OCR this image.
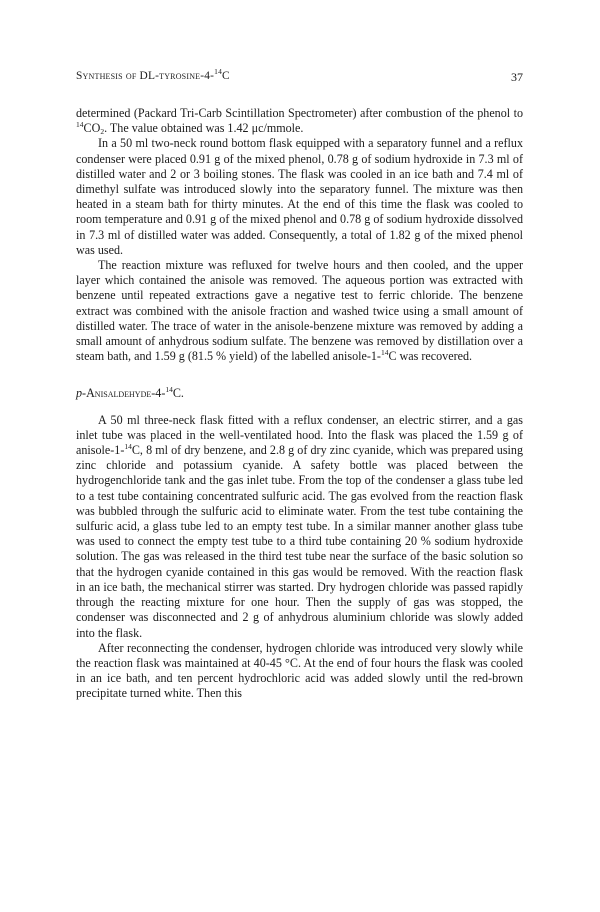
Synthesis of DL-tyrosine-4-$^{14}$C	37

determined (Packard Tri-Carb Scintillation Spectrometer) after combustion of the phenol to $^{14}CO_2$. The value obtained was 1.42 μc/mmole.

In a 50 ml two-neck round bottom flask equipped with a separatory funnel and a reflux condenser were placed 0.91 g of the mixed phenol, 0.78 g of sodium hydroxide in 7.3 ml of distilled water and 2 or 3 boiling stones. The flask was cooled in an ice bath and 7.4 ml of dimethyl sulfate was introduced slowly into the separatory funnel. The mixture was then heated in a steam bath for thirty minutes. At the end of this time the flask was cooled to room temperature and 0.91 g of the mixed phenol and 0.78 g of sodium hydroxide dissolved in 7.3 ml of distilled water was added. Consequently, a total of 1.82 g of the mixed phenol was used.

The reaction mixture was refluxed for twelve hours and then cooled, and the upper layer which contained the anisole was removed. The aqueous portion was extracted with benzene until repeated extractions gave a negative test to ferric chloride. The benzene extract was combined with the anisole fraction and washed twice using a small amount of distilled water. The trace of water in the anisole-benzene mixture was removed by adding a small amount of anhydrous sodium sulfate. The benzene was removed by distillation over a steam bath, and 1.59 g (81.5 % yield) of the labelled anisole-1-$^{14}$C was recovered.

p-Anisaldehyde-4-$^{14}$C.

A 50 ml three-neck flask fitted with a reflux condenser, an electric stirrer, and a gas inlet tube was placed in the well-ventilated hood. Into the flask was placed the 1.59 g of anisole-1-$^{14}$C, 8 ml of dry benzene, and 2.8 g of dry zinc cyanide, which was prepared using zinc chloride and potassium cyanide. A safety bottle was placed between the hydrogenchloride tank and the gas inlet tube. From the top of the condenser a glass tube led to a test tube containing concentrated sulfuric acid. The gas evolved from the reaction flask was bubbled through the sulfuric acid to eliminate water. From the test tube containing the sulfuric acid, a glass tube led to an empty test tube. In a similar manner another glass tube was used to connect the empty test tube to a third tube containing 20 % sodium hydroxide solution. The gas was released in the third test tube near the surface of the basic solution so that the hydrogen cyanide contained in this gas would be removed. With the reaction flask in an ice bath, the mechanical stirrer was started. Dry hydrogen chloride was passed rapidly through the reacting mixture for one hour. Then the supply of gas was stopped, the condenser was disconnected and 2 g of anhydrous aluminium chloride was slowly added into the flask.

After reconnecting the condenser, hydrogen chloride was introduced very slowly while the reaction flask was maintained at 40-45 °C. At the end of four hours the flask was cooled in an ice bath, and ten percent hydrochloric acid was added slowly until the red-brown precipitate turned white. Then this
